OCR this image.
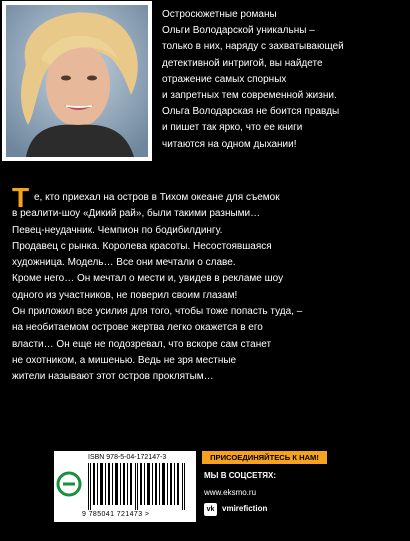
Остросюжетные романы
Ольги Володарской уникальны –
только в них, наряду с захватывающей
детективной интригой, вы найдете
отражение самых спорных
и запретных тем современной жизни.
Ольга Володарская не боится правды
и пишет так ярко, что ее книги
читаются на одном дыхании!
Т е, кто приехал на остров в Тихом океане для съемок
в реалити-шоу «Дикий рай», были такими разными…
Певец-неудачник. Чемпион по бодибилдингу.
Продавец с рынка. Королева красоты. Несостоявшаяся
художница. Модель… Все они мечтали о славе.
Кроме него… Он мечтал о мести и, увидев в рекламе шоу
одного из участников, не поверил своим глазам!
Он приложил все усилия для того, чтобы тоже попасть туда, –
на необитаемом острове жертва легко окажется в его
власти… Он еще не подозревал, что вскоре сам станет
не охотником, а мишенью. Ведь не зря местные
жители называют этот остров проклятым…
ISBN 978-5-04-172147-3
9 785041 721473 >
ПРИСОЕДИНЯЙТЕСЬ К НАМ!
МЫ В СОЦСЕТЯХ:
www.eksmo.ru
vk vmirefiction
